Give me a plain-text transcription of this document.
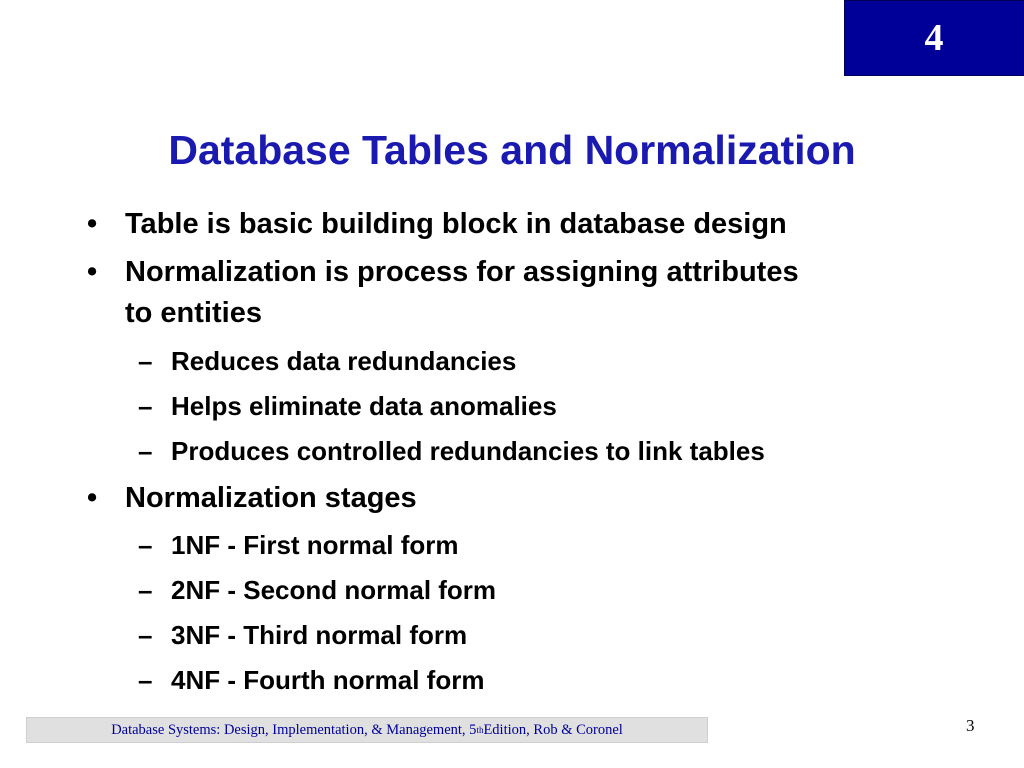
4
Database Tables and Normalization
• Table is basic building block in database design
• Normalization is process for assigning attributes
to entities
– Reduces data redundancies
– Helps eliminate data anomalies
– Produces controlled redundancies to link tables
• Normalization stages
– 1NF - First normal form
– 2NF - Second normal form
– 3NF - Third normal form
– 4NF - Fourth normal form
Database Systems: Design, Implementation, & Management, 5 th Edition, Rob & Coronel	3
